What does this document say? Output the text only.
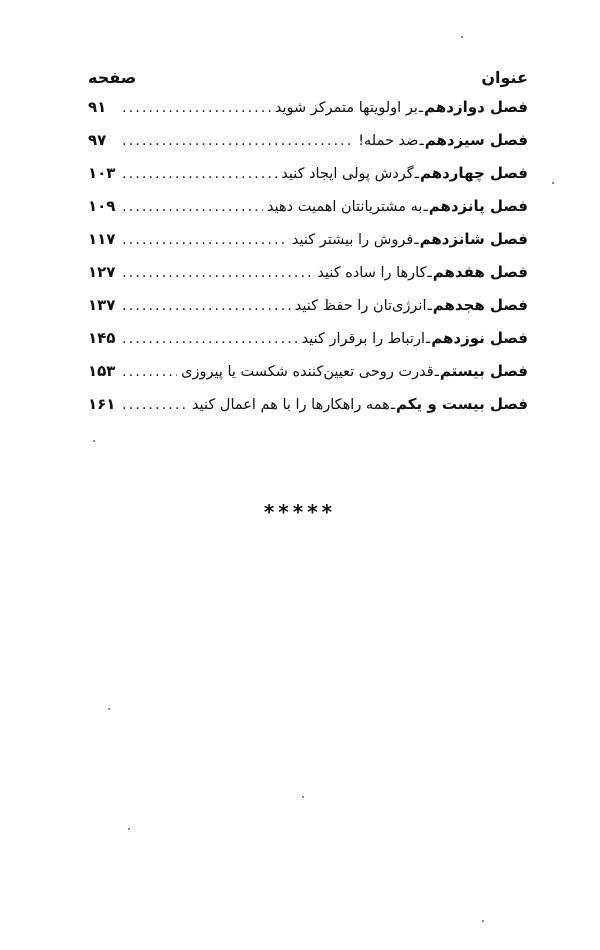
عنوان
صفحه
فصل دوازدهم
ـ
بر اولویتها متمرکز شوید
.....
۹۱
فصل سیزدهم
ـ
ضد حمله!
.....
۹۷
فصل چهاردهم
ـ
گردش پولی ایجاد کنید
.....
۱۰۳
فصل پانزدهم
ـ
به مشتریانتان اهمیت دهید
.....
۱۰۹
فصل شانزدهم
ـ
فروش را بیشتر کنید
.....
۱۱۷
فصل هفدهم
ـ
کارها را ساده کنید
.....
۱۲۷
فصل هجدهم
ـ
انرژی‌تان را حفظ کنید
.....
۱۳۷
فصل نوزدهم
ـ
ارتباط را برقرار کنید
.....
۱۴۵
فصل بیستم
ـ
قدرت روحی تعیین‌کننده شکست یا پیروزی
.....
۱۵۳
فصل بیست و یکم
ـ
همه راهکارها را با هم اعمال کنید
.....
۱۶۱
*****
